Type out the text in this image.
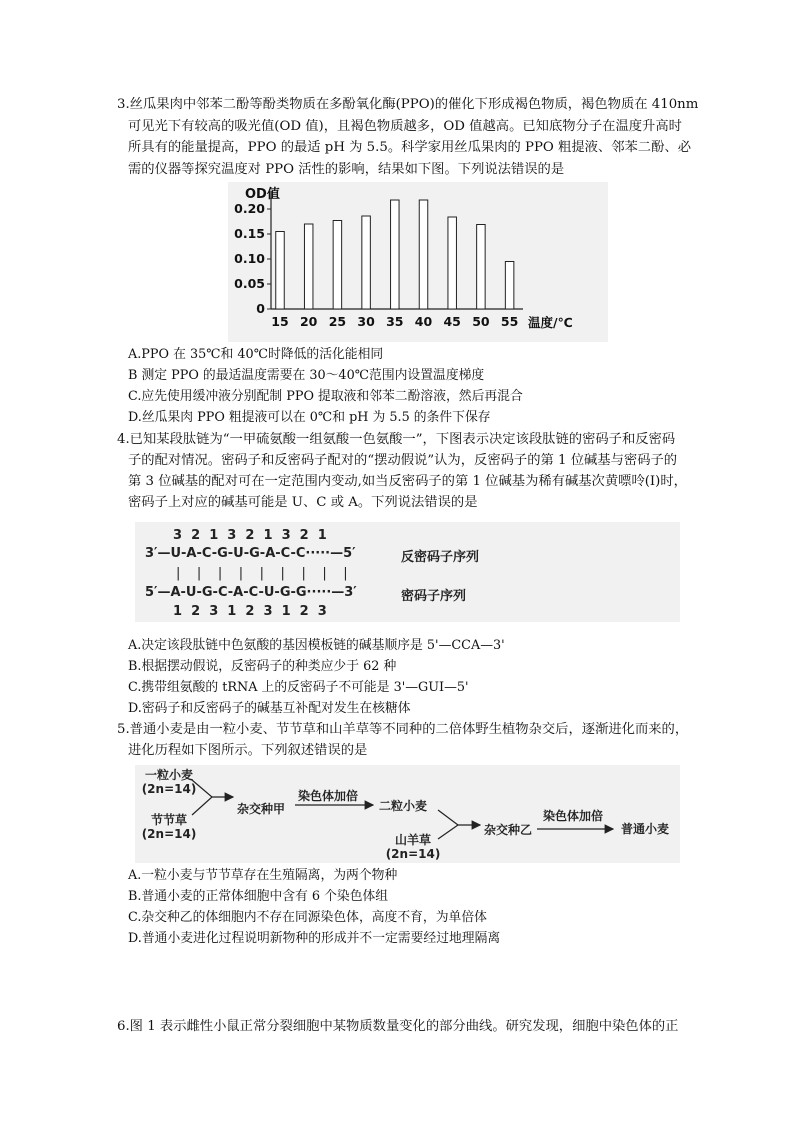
3.丝瓜果肉中邻苯二酚等酚类物质在多酚氧化酶(PPO)的催化下形成褐色物质，褐色物质在 410nm
可见光下有较高的吸光值(OD 值)，且褐色物质越多，OD 值越高。已知底物分子在温度升高时
所具有的能量提高，PPO 的最适 pH 为 5.5。科学家用丝瓜果肉的 PPO 粗提液、邻苯二酚、必
需的仪器等探究温度对 PPO 活性的影响，结果如下图。下列说法错误的是
OD值
0
0.05
0.10
0.15
0.20
15 20 25 30 35 40 45 50 55 温度/℃
A.PPO 在 35℃和 40℃时降低的活化能相同
B 测定 PPO 的最适温度需要在 30～40℃范围内设置温度梯度
C.应先使用缓冲液分别配制 PPO 提取液和邻苯二酚溶液，然后再混合
D.丝瓜果肉 PPO 粗提液可以在 0℃和 pH 为 5.5 的条件下保存
4.已知某段肽链为“一甲硫氨酸一组氨酸一色氨酸一”，下图表示决定该段肽链的密码子和反密码
子的配对情况。密码子和反密码子配对的“摆动假说”认为，反密码子的第 1 位碱基与密码子的
第 3 位碱基的配对可在一定范围内变动,如当反密码子的第 1 位碱基为稀有碱基次黄嘌呤(I)时，
密码子上对应的碱基可能是 U、C 或 A。下列说法错误的是
3  2  1  3  2  1  3  2  1
3′—U-A-C-G-U-G-A-C-C·····—5′	反密码子序列
|    |    |    |    |    |    |    |    |
5′—A-U-G-C-A-C-U-G-G·····—3′	密码子序列
1  2  3  1  2  3  1  2  3
A.决定该段肽链中色氨酸的基因模板链的碱基顺序是 5'—CCA—3'
B.根据摆动假说，反密码子的种类应少于 62 种
C.携带组氨酸的 tRNA 上的反密码子不可能是 3'—GUI—5'
D.密码子和反密码子的碱基互补配对发生在核糖体
5.普通小麦是由一粒小麦、节节草和山羊草等不同种的二倍体野生植物杂交后，逐渐进化而来的，
进化历程如下图所示。下列叙述错误的是
一粒小麦
(2n=14)
节节草
(2n=14)
杂交种甲
染色体加倍
二粒小麦
山羊草
(2n=14)
杂交种乙
染色体加倍
普通小麦
A.一粒小麦与节节草存在生殖隔离，为两个物种
B.普通小麦的正常体细胞中含有 6 个染色体组
C.杂交种乙的体细胞内不存在同源染色体，高度不育，为单倍体
D.普通小麦进化过程说明新物种的形成并不一定需要经过地理隔离
6.图 1 表示雌性小鼠正常分裂细胞中某物质数量变化的部分曲线。研究发现，细胞中染色体的正
